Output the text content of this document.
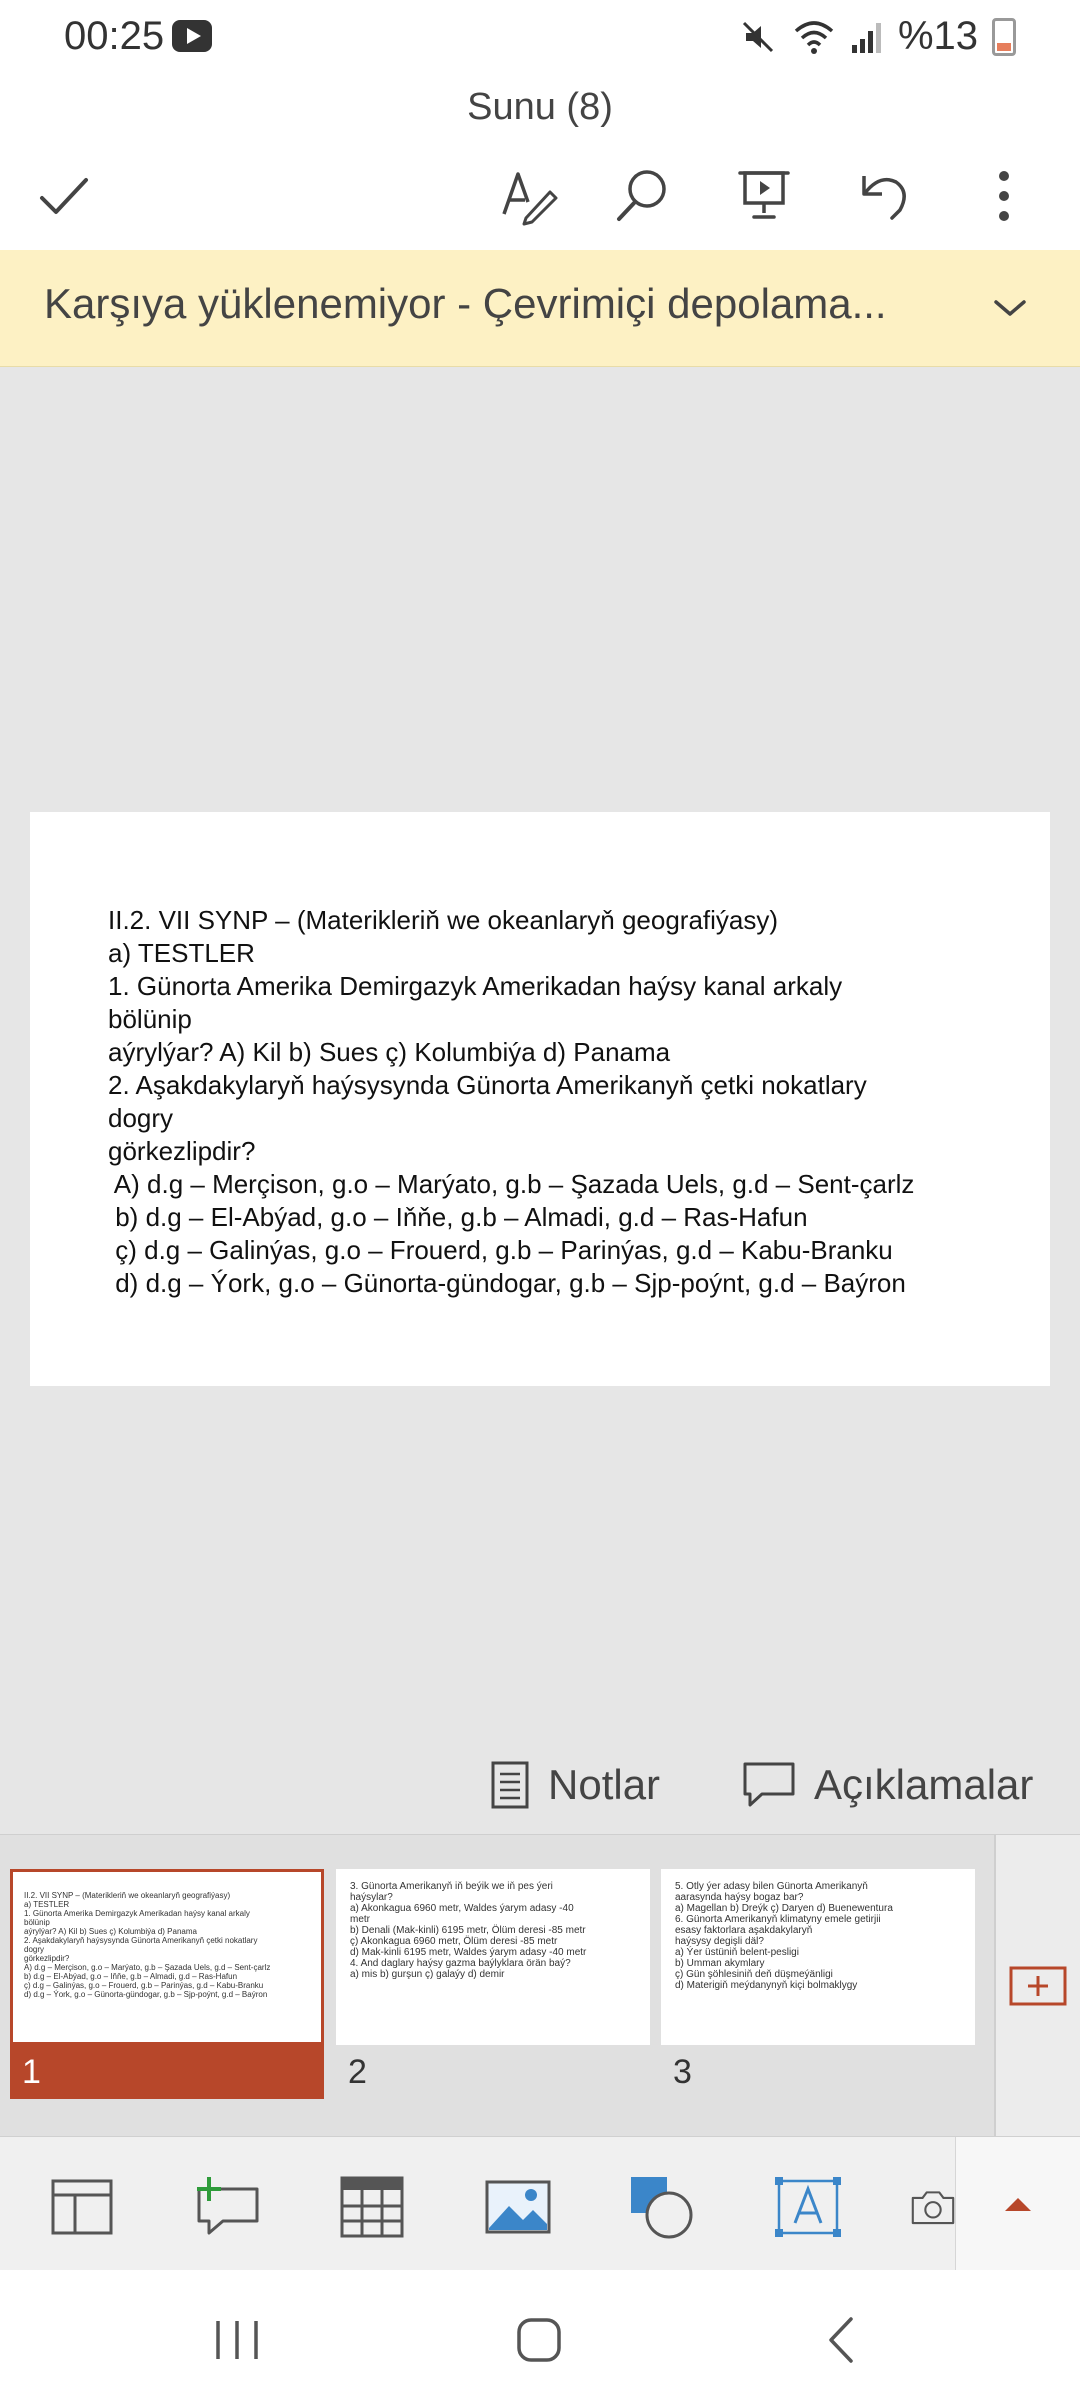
00:25	%13
Sunu (8)
Karşıya yüklenemiyor - Çevrimiçi depolama...
II.2. VII SYNP – (Materikleriň we okeanlaryň geografiýasy)
a) TESTLER
1. Günorta Amerika Demirgazyk Amerikadan haýsy kanal arkaly
bölünip
aýrylýar? A) Kil b) Sues ç) Kolumbiýa d) Panama
2. Aşakdakylaryň haýsysynda Günorta Amerikanyň çetki nokatlary
dogry
görkezlipdir?
A) d.g – Merçison, g.o – Marýato, g.b – Şazada Uels, g.d – Sent-çarlz
b) d.g – El-Abýad, g.o – Iňňe, g.b – Almadi, g.d – Ras-Hafun
ç) d.g – Galinýas, g.o – Frouerd, g.b – Parinýas, g.d – Kabu-Branku
d) d.g – Ýork, g.o – Günorta-gündogar, g.b – Sjp-poýnt, g.d – Baýron
Notlar	Açıklamalar
II.2. VII SYNP – (Materikleriň we okeanlaryň geografiýasy)
a) TESTLER
1. Günorta Amerika Demirgazyk Amerikadan haýsy kanal arkaly
bölünip
aýrylýar? A) Kil b) Sues ç) Kolumbiýa d) Panama
2. Aşakdakylaryň haýsysynda Günorta Amerikanyň çetki nokatlary
dogry
görkezlipdir?
A) d.g – Merçison, g.o – Marýato, g.b – Şazada Uels, g.d – Sent-çarlz
b) d.g – El-Abýad, g.o – Iňňe, g.b – Almadi, g.d – Ras-Hafun
ç) d.g – Galinýas, g.o – Frouerd, g.b – Parinýas, g.d – Kabu-Branku
d) d.g – Ýork, g.o – Günorta-gündogar, g.b – Sjp-poýnt, g.d – Baýron
1
3. Günorta Amerikanyň iň beýik we iň pes ýeri
haýsylar?
a) Akonkagua 6960 metr, Waldes ýarym adasy -40
metr
b) Denali (Mak-kinli) 6195 metr, Ölüm deresi -85 metr
ç) Akonkagua 6960 metr, Ölüm deresi -85 metr
d) Mak-kinli 6195 metr, Waldes ýarym adasy -40 metr
4. And daglary haýsy gazma baýlyklara örän baý?
a) mis b) gurşun ç) galaýy d) demir
2
5. Otly ýer adasy bilen Günorta Amerikanyň
aarasynda haýsy bogaz bar?
a) Magellan b) Dreýk ç) Daryen d) Buenewentura
6. Günorta Amerikanyň klimatyny emele getirjii
esasy faktorlara aşakdakylaryň
haýsysy degişli däl?
a) Ýer üstüniň belent-pesligi
b) Umman akymlary
ç) Gün şöhlesiniň deň düşmeýänligi
d) Materigiň meýdanynyň kiçi bolmaklygy
3
